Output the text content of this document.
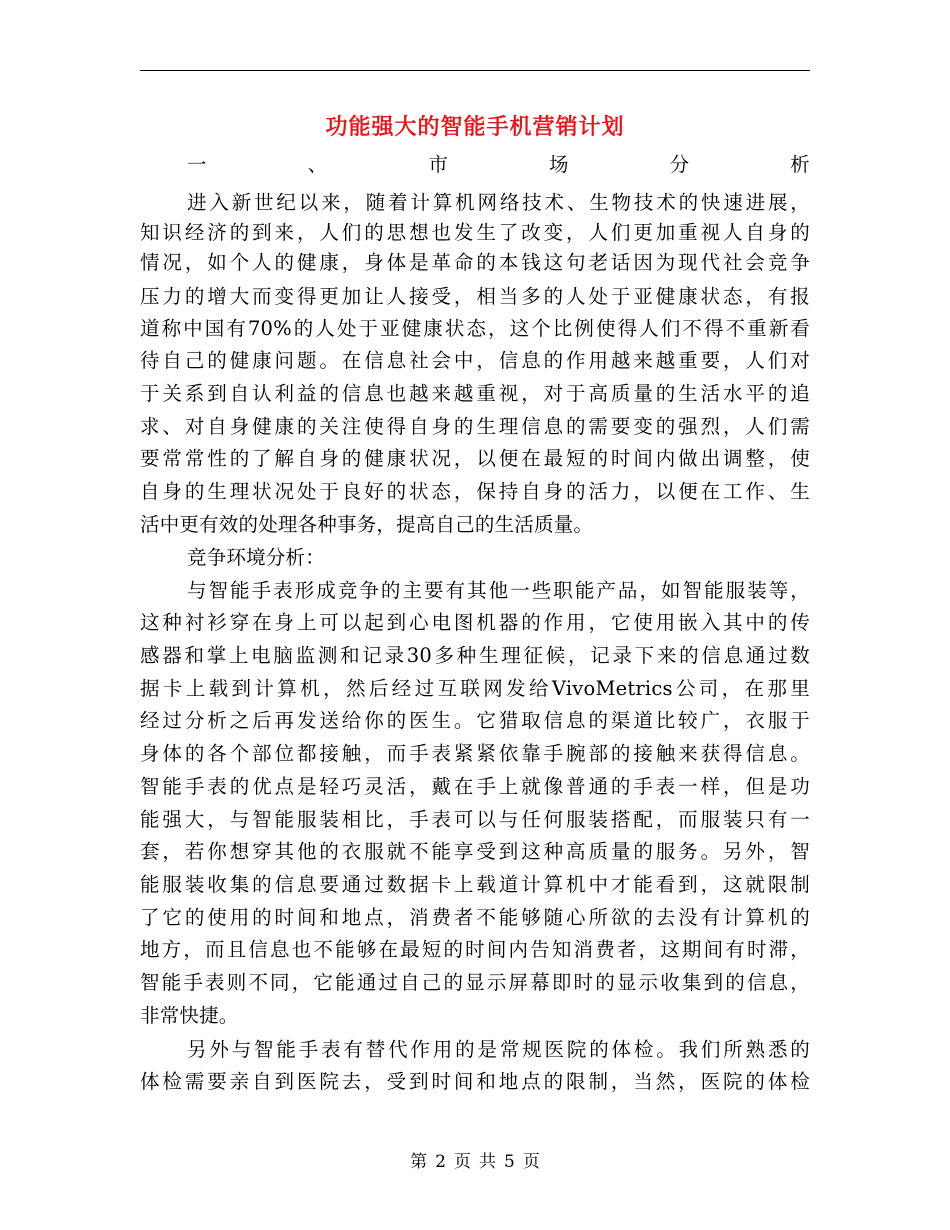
功能强大的智能手机营销计划
一、市场分析
进入新世纪以来，随着计算机网络技术、生物技术的快速进展，
知识经济的到来，人们的思想也发生了改变，人们更加重视人自身的
情况，如个人的健康，身体是革命的本钱这句老话因为现代社会竞争
压力的增大而变得更加让人接受，相当多的人处于亚健康状态，有报
道称中国有70%的人处于亚健康状态，这个比例使得人们不得不重新看
待自己的健康问题。在信息社会中，信息的作用越来越重要，人们对
于关系到自认利益的信息也越来越重视，对于高质量的生活水平的追
求、对自身健康的关注使得自身的生理信息的需要变的强烈，人们需
要常常性的了解自身的健康状况，以便在最短的时间内做出调整，使
自身的生理状况处于良好的状态，保持自身的活力，以便在工作、生
活中更有效的处理各种事务，提高自己的生活质量。
竞争环境分析：
与智能手表形成竞争的主要有其他一些职能产品，如智能服装等，
这种衬衫穿在身上可以起到心电图机器的作用，它使用嵌入其中的传
感器和掌上电脑监测和记录30多种生理征候，记录下来的信息通过数
据卡上载到计算机，然后经过互联网发给VivoMetrics公司，在那里
经过分析之后再发送给你的医生。它猎取信息的渠道比较广，衣服于
身体的各个部位都接触，而手表紧紧依靠手腕部的接触来获得信息。
智能手表的优点是轻巧灵活，戴在手上就像普通的手表一样，但是功
能强大，与智能服装相比，手表可以与任何服装搭配，而服装只有一
套，若你想穿其他的衣服就不能享受到这种高质量的服务。另外，智
能服装收集的信息要通过数据卡上载道计算机中才能看到，这就限制
了它的使用的时间和地点，消费者不能够随心所欲的去没有计算机的
地方，而且信息也不能够在最短的时间内告知消费者，这期间有时滞，
智能手表则不同，它能通过自己的显示屏幕即时的显示收集到的信息，
非常快捷。
另外与智能手表有替代作用的是常规医院的体检。我们所熟悉的
体检需要亲自到医院去，受到时间和地点的限制，当然，医院的体检
第 2 页 共 5 页
